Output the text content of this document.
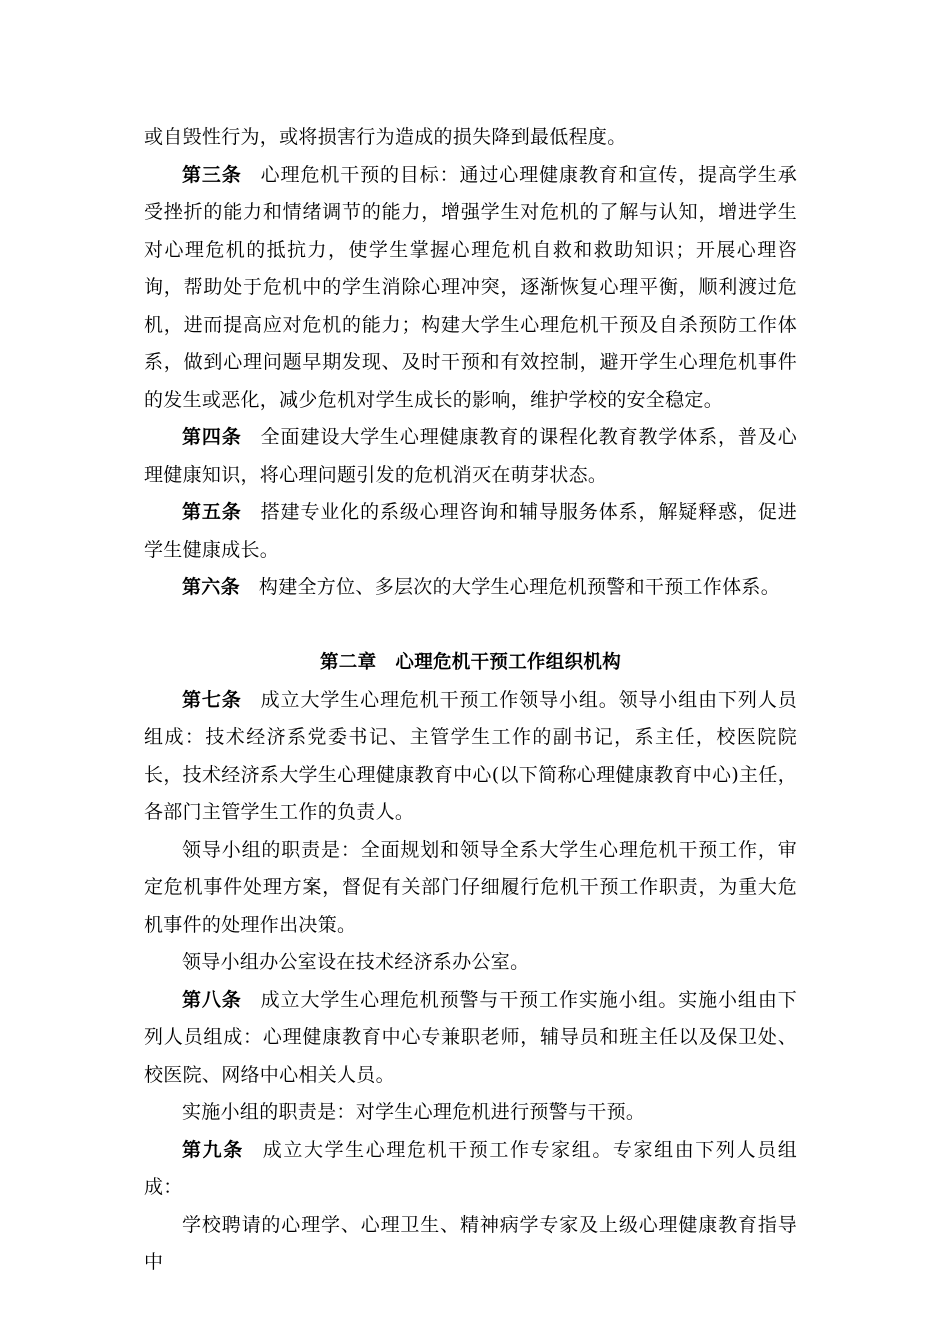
或自毁性行为，或将损害行为造成的损失降到最低程度。

第三条 心理危机干预的目标：通过心理健康教育和宣传，提高学生承受挫折的能力和情绪调节的能力，增强学生对危机的了解与认知，增进学生对心理危机的抵抗力，使学生掌握心理危机自救和救助知识；开展心理咨询，帮助处于危机中的学生消除心理冲突，逐渐恢复心理平衡，顺利渡过危机，进而提高应对危机的能力；构建大学生心理危机干预及自杀预防工作体系，做到心理问题早期发现、及时干预和有效控制，避开学生心理危机事件的发生或恶化，减少危机对学生成长的影响，维护学校的安全稳定。

第四条 全面建设大学生心理健康教育的课程化教育教学体系，普及心理健康知识，将心理问题引发的危机消灭在萌芽状态。

第五条 搭建专业化的系级心理咨询和辅导服务体系，解疑释惑，促进学生健康成长。

第六条 构建全方位、多层次的大学生心理危机预警和干预工作体系。

第二章 心理危机干预工作组织机构

第七条 成立大学生心理危机干预工作领导小组。领导小组由下列人员组成：技术经济系党委书记、主管学生工作的副书记，系主任，校医院院长，技术经济系大学生心理健康教育中心(以下简称心理健康教育中心)主任，各部门主管学生工作的负责人。

领导小组的职责是：全面规划和领导全系大学生心理危机干预工作，审定危机事件处理方案，督促有关部门仔细履行危机干预工作职责，为重大危机事件的处理作出决策。

领导小组办公室设在技术经济系办公室。

第八条 成立大学生心理危机预警与干预工作实施小组。实施小组由下列人员组成：心理健康教育中心专兼职老师，辅导员和班主任以及保卫处、校医院、网络中心相关人员。

实施小组的职责是：对学生心理危机进行预警与干预。

第九条 成立大学生心理危机干预工作专家组。专家组由下列人员组成：

学校聘请的心理学、心理卫生、精神病学专家及上级心理健康教育指导中
